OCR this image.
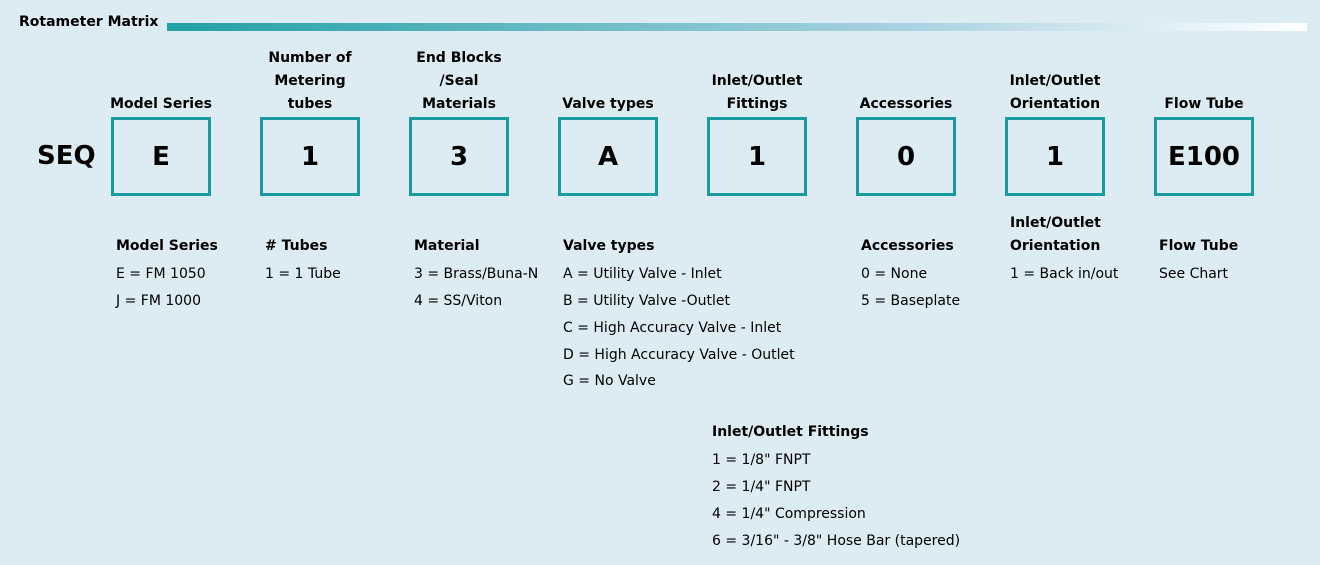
Rotameter Matrix
SEQ
Model Series
E
Number of
Metering
tubes
1
End Blocks
/Seal
Materials
3
Valve types
A
Inlet/Outlet
Fittings
1
Accessories
0
Inlet/Outlet
Orientation
1
Flow Tube
E100
Model Series
E = FM 1050
J = FM 1000
# Tubes
1 = 1 Tube
Material
3 = Brass/Buna-N
4 = SS/Viton
Valve types
A = Utility Valve - Inlet
B = Utility Valve -Outlet
C = High Accuracy Valve - Inlet
D = High Accuracy Valve - Outlet
G = No Valve
Accessories
0 = None
5 = Baseplate
Inlet/Outlet
Orientation
1 = Back in/out
Flow Tube
See Chart
Inlet/Outlet Fittings
1 = 1/8" FNPT
2 = 1/4" FNPT
4 = 1/4" Compression
6 = 3/16" - 3/8" Hose Bar (tapered)
